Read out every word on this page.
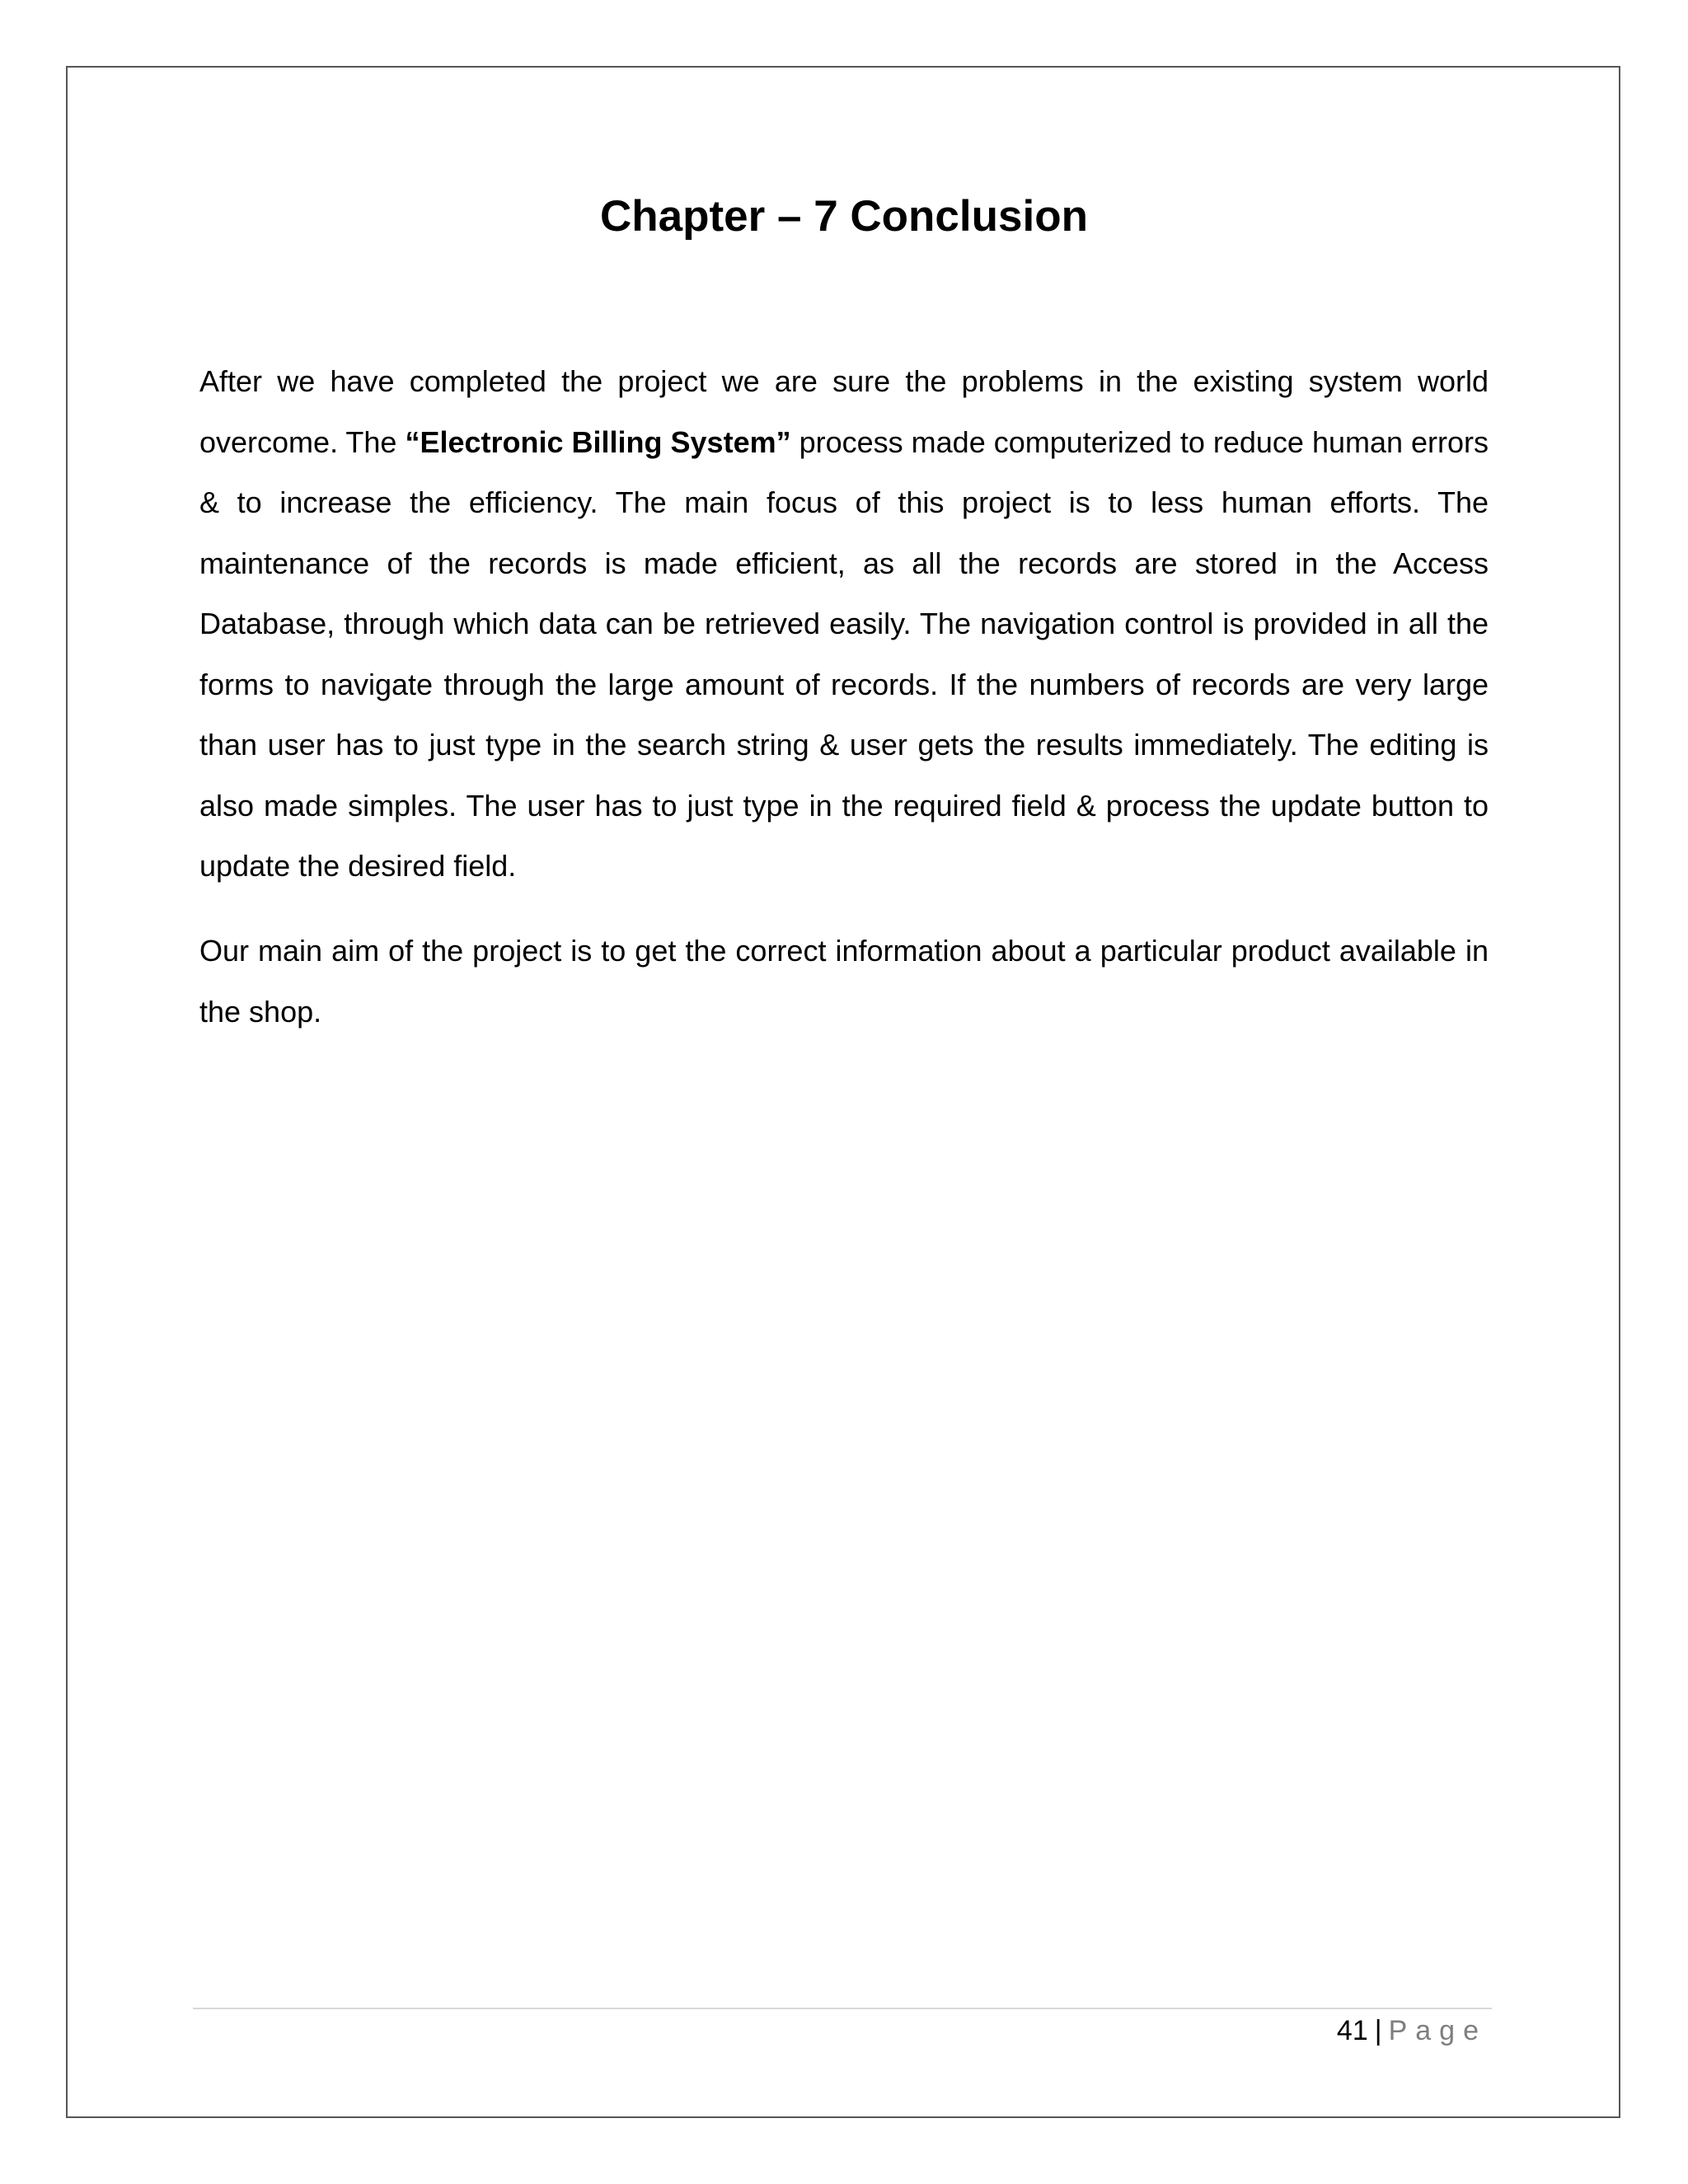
Chapter – 7 Conclusion

After we have completed the project we are sure the problems in the existing system world overcome. The “Electronic Billing System” process made computerized to reduce human errors & to increase the efficiency. The main focus of this project is to less human efforts. The maintenance of the records is made efficient, as all the records are stored in the Access Database, through which data can be retrieved easily. The navigation control is provided in all the forms to navigate through the large amount of records. If the numbers of records are very large than user has to just type in the search string & user gets the results immediately. The editing is also made simples. The user has to just type in the required field & process the update button to update the desired field.

Our main aim of the project is to get the correct information about a particular product available in the shop.

41 | Page
